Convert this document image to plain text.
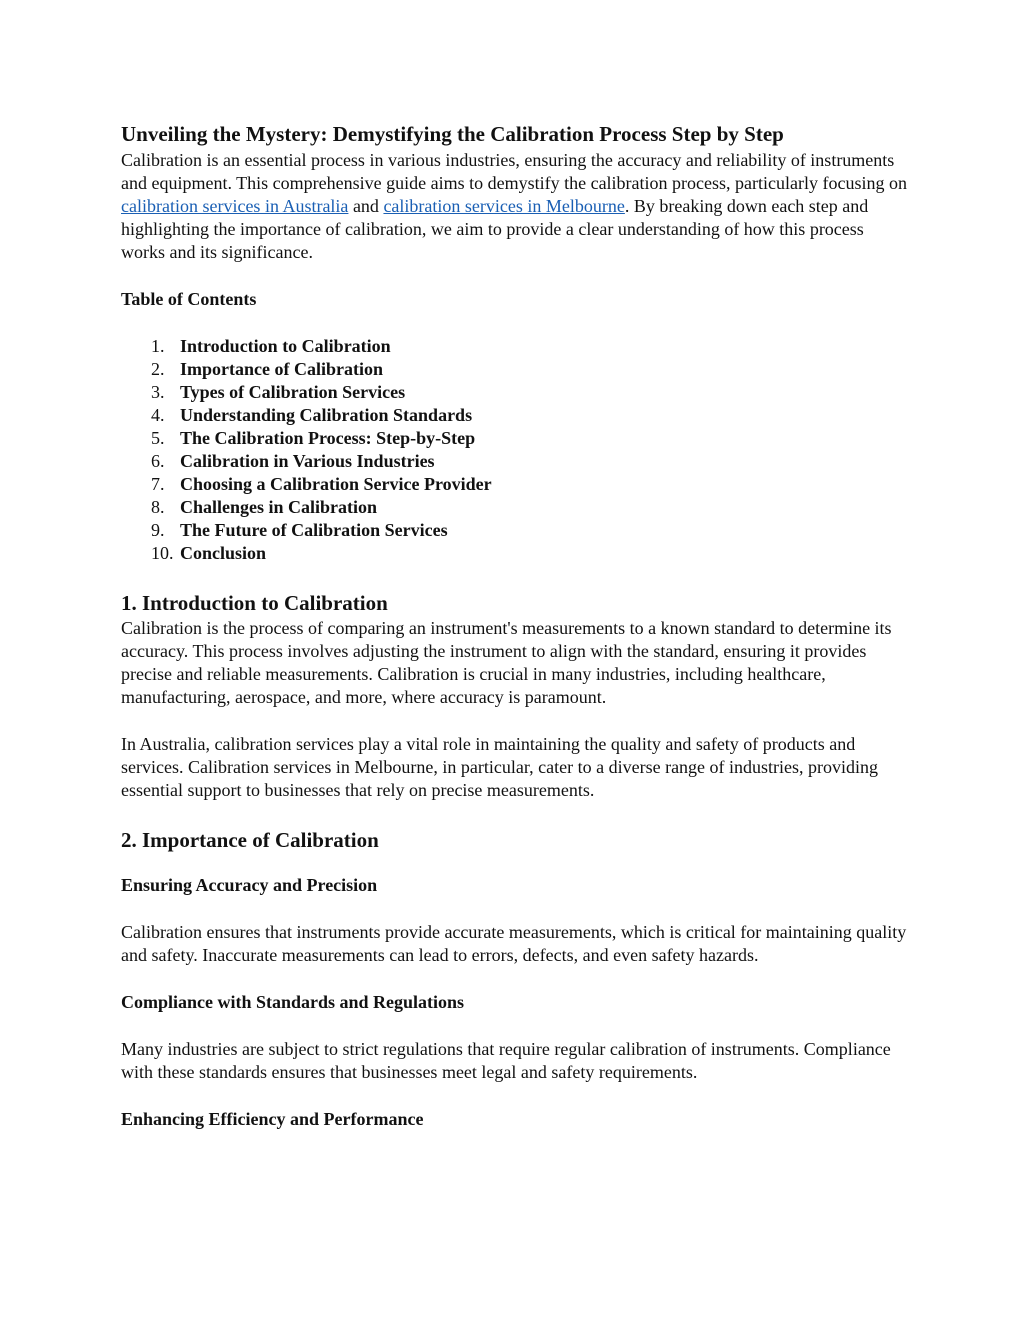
Unveiling the Mystery: Demystifying the Calibration Process Step by Step

Calibration is an essential process in various industries, ensuring the accuracy and reliability of instruments and equipment. This comprehensive guide aims to demystify the calibration process, particularly focusing on calibration services in Australia and calibration services in Melbourne. By breaking down each step and highlighting the importance of calibration, we aim to provide a clear understanding of how this process works and its significance.

Table of Contents

1. Introduction to Calibration
2. Importance of Calibration
3. Types of Calibration Services
4. Understanding Calibration Standards
5. The Calibration Process: Step-by-Step
6. Calibration in Various Industries
7. Choosing a Calibration Service Provider
8. Challenges in Calibration
9. The Future of Calibration Services
10. Conclusion
1. Introduction to Calibration

Calibration is the process of comparing an instrument's measurements to a known standard to determine its accuracy. This process involves adjusting the instrument to align with the standard, ensuring it provides precise and reliable measurements. Calibration is crucial in many industries, including healthcare, manufacturing, aerospace, and more, where accuracy is paramount.

In Australia, calibration services play a vital role in maintaining the quality and safety of products and services. Calibration services in Melbourne, in particular, cater to a diverse range of industries, providing essential support to businesses that rely on precise measurements.

2. Importance of Calibration
Ensuring Accuracy and Precision

Calibration ensures that instruments provide accurate measurements, which is critical for maintaining quality and safety. Inaccurate measurements can lead to errors, defects, and even safety hazards.

Compliance with Standards and Regulations

Many industries are subject to strict regulations that require regular calibration of instruments. Compliance with these standards ensures that businesses meet legal and safety requirements.

Enhancing Efficiency and Performance
